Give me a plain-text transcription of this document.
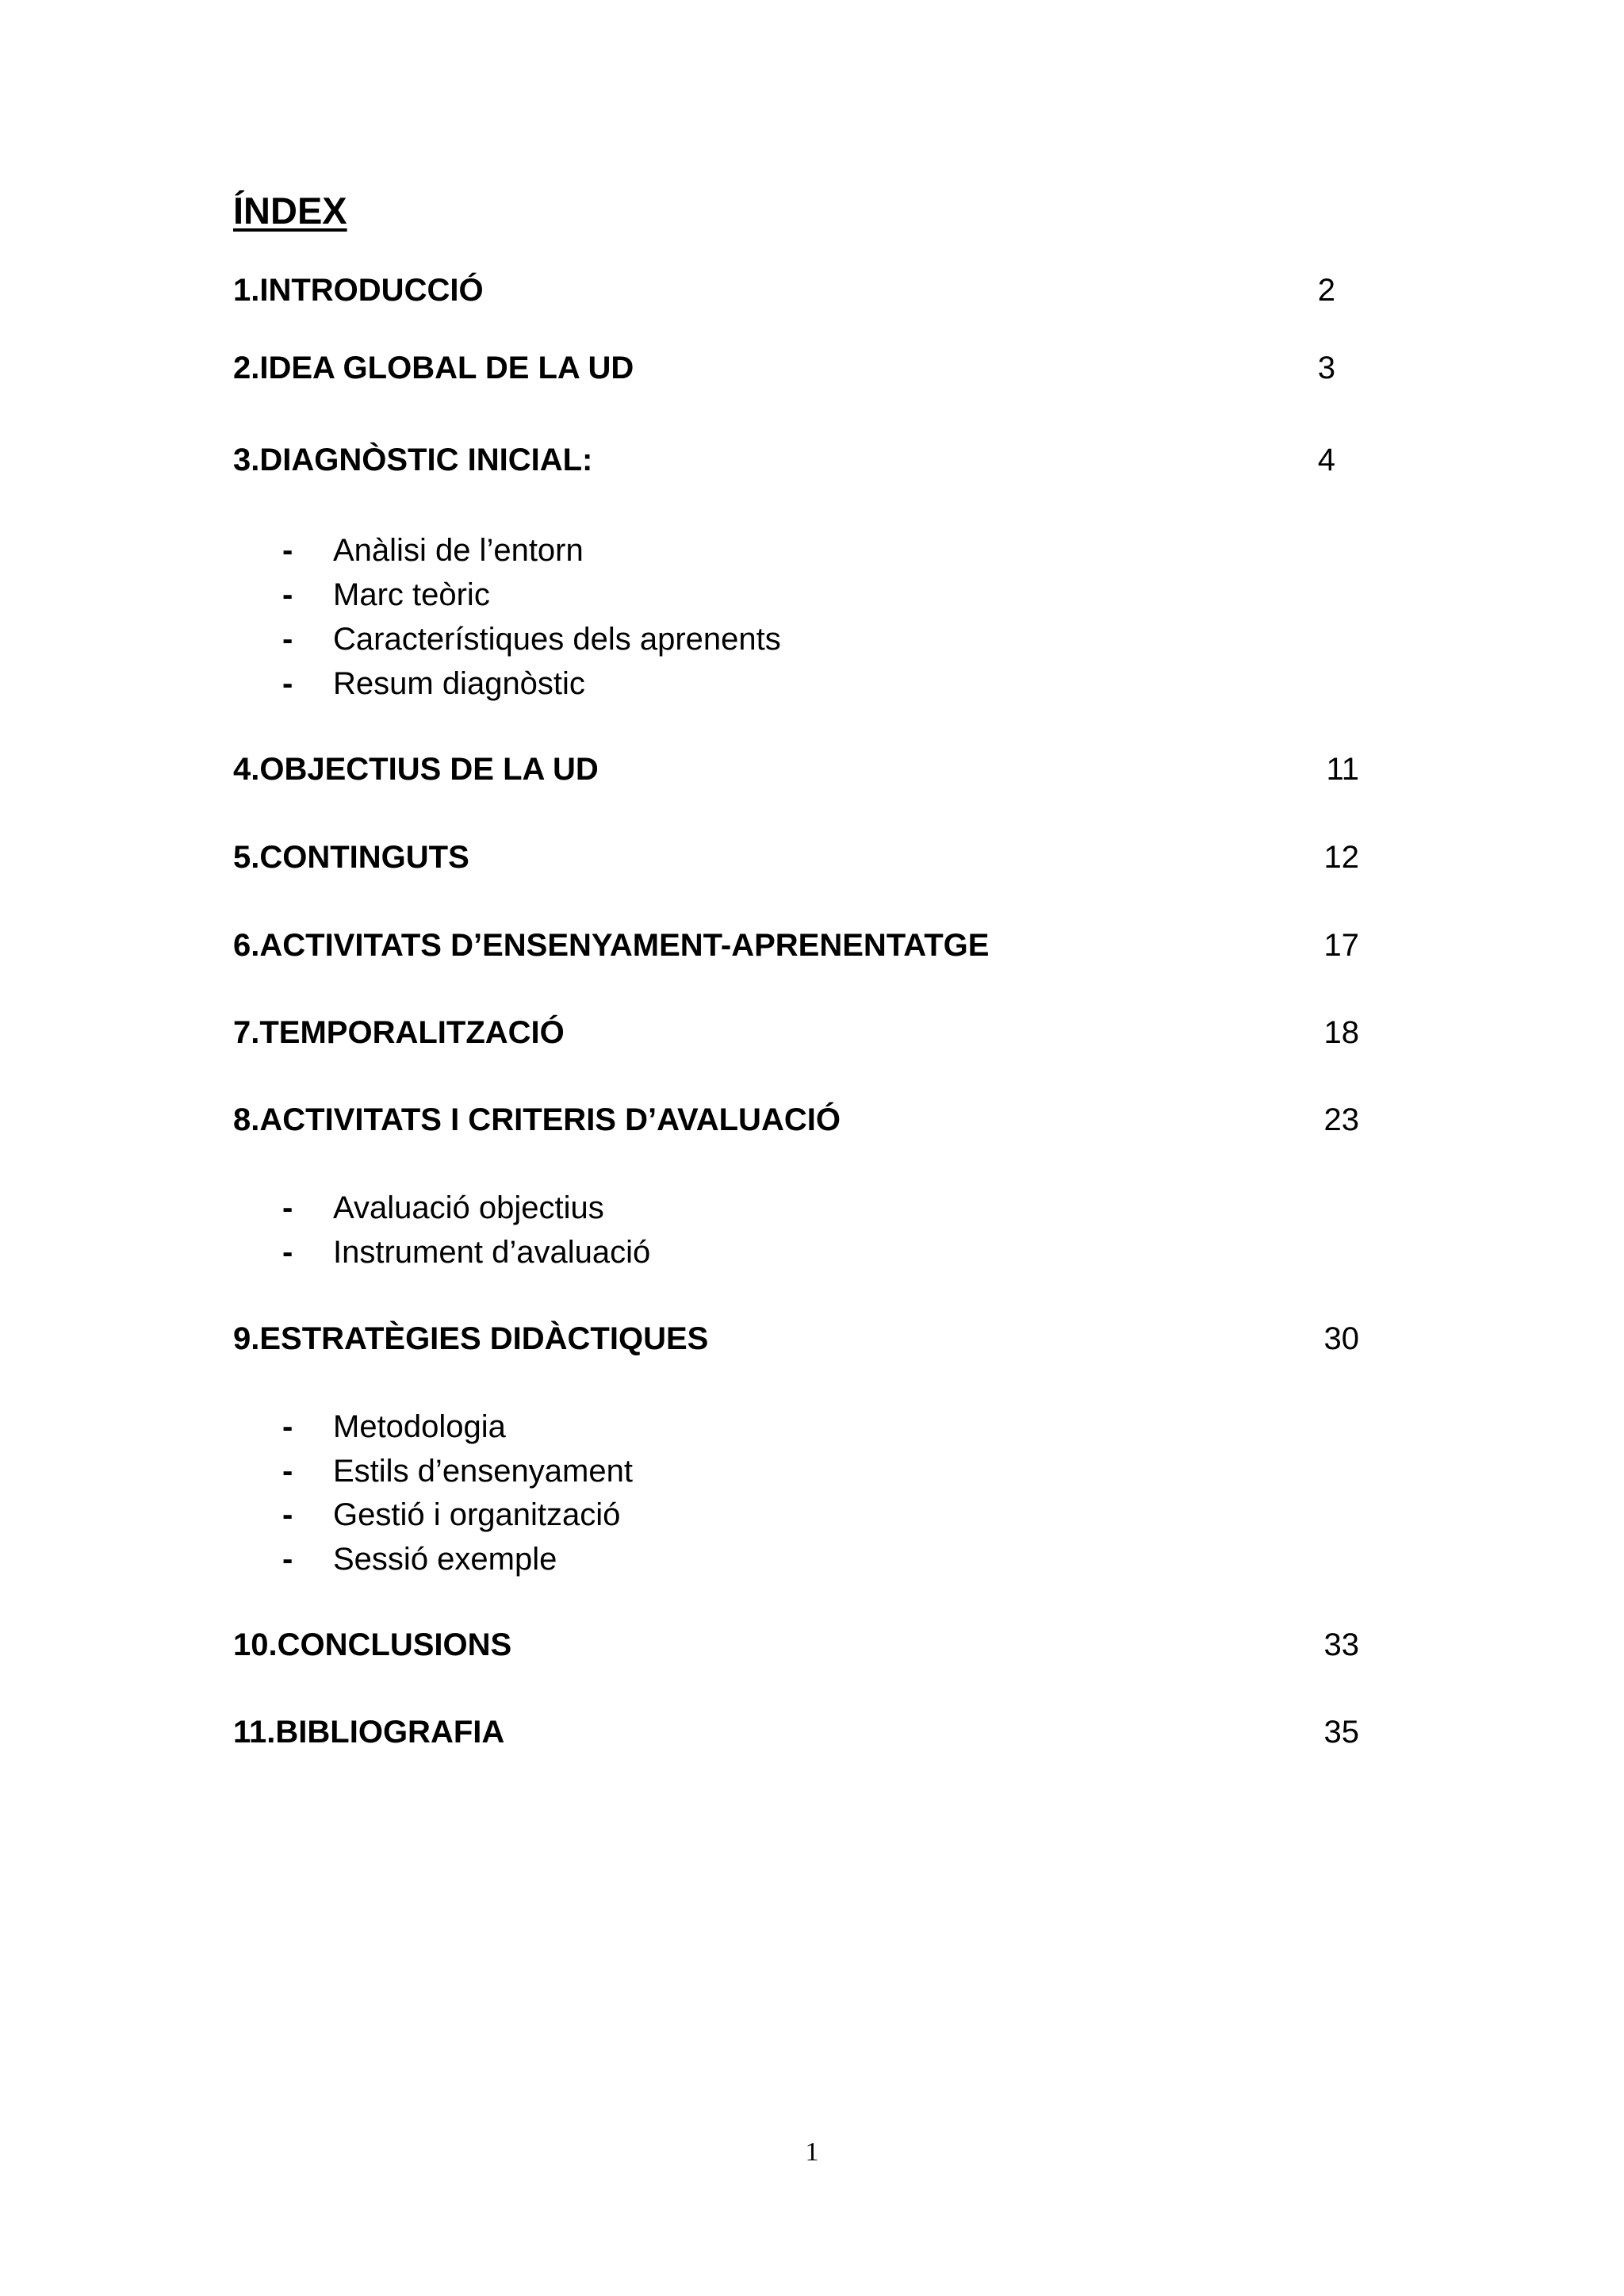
ÍNDEX
1.INTRODUCCIÓ	2
2.IDEA GLOBAL DE LA UD	3
3.DIAGNÒSTIC INICIAL:	4
- Anàlisi de l’entorn
- Marc teòric
- Característiques dels aprenents
- Resum diagnòstic
4.OBJECTIUS DE LA UD	11
5.CONTINGUTS	12
6.ACTIVITATS D’ENSENYAMENT-APRENENTATGE	17
7.TEMPORALITZACIÓ	18
8.ACTIVITATS I CRITERIS D’AVALUACIÓ	23
- Avaluació objectius
- Instrument d’avaluació
9.ESTRATÈGIES DIDÀCTIQUES	30
- Metodologia
- Estils d’ensenyament
- Gestió i organització
- Sessió exemple
10.CONCLUSIONS	33
11.BIBLIOGRAFIA	35
1
